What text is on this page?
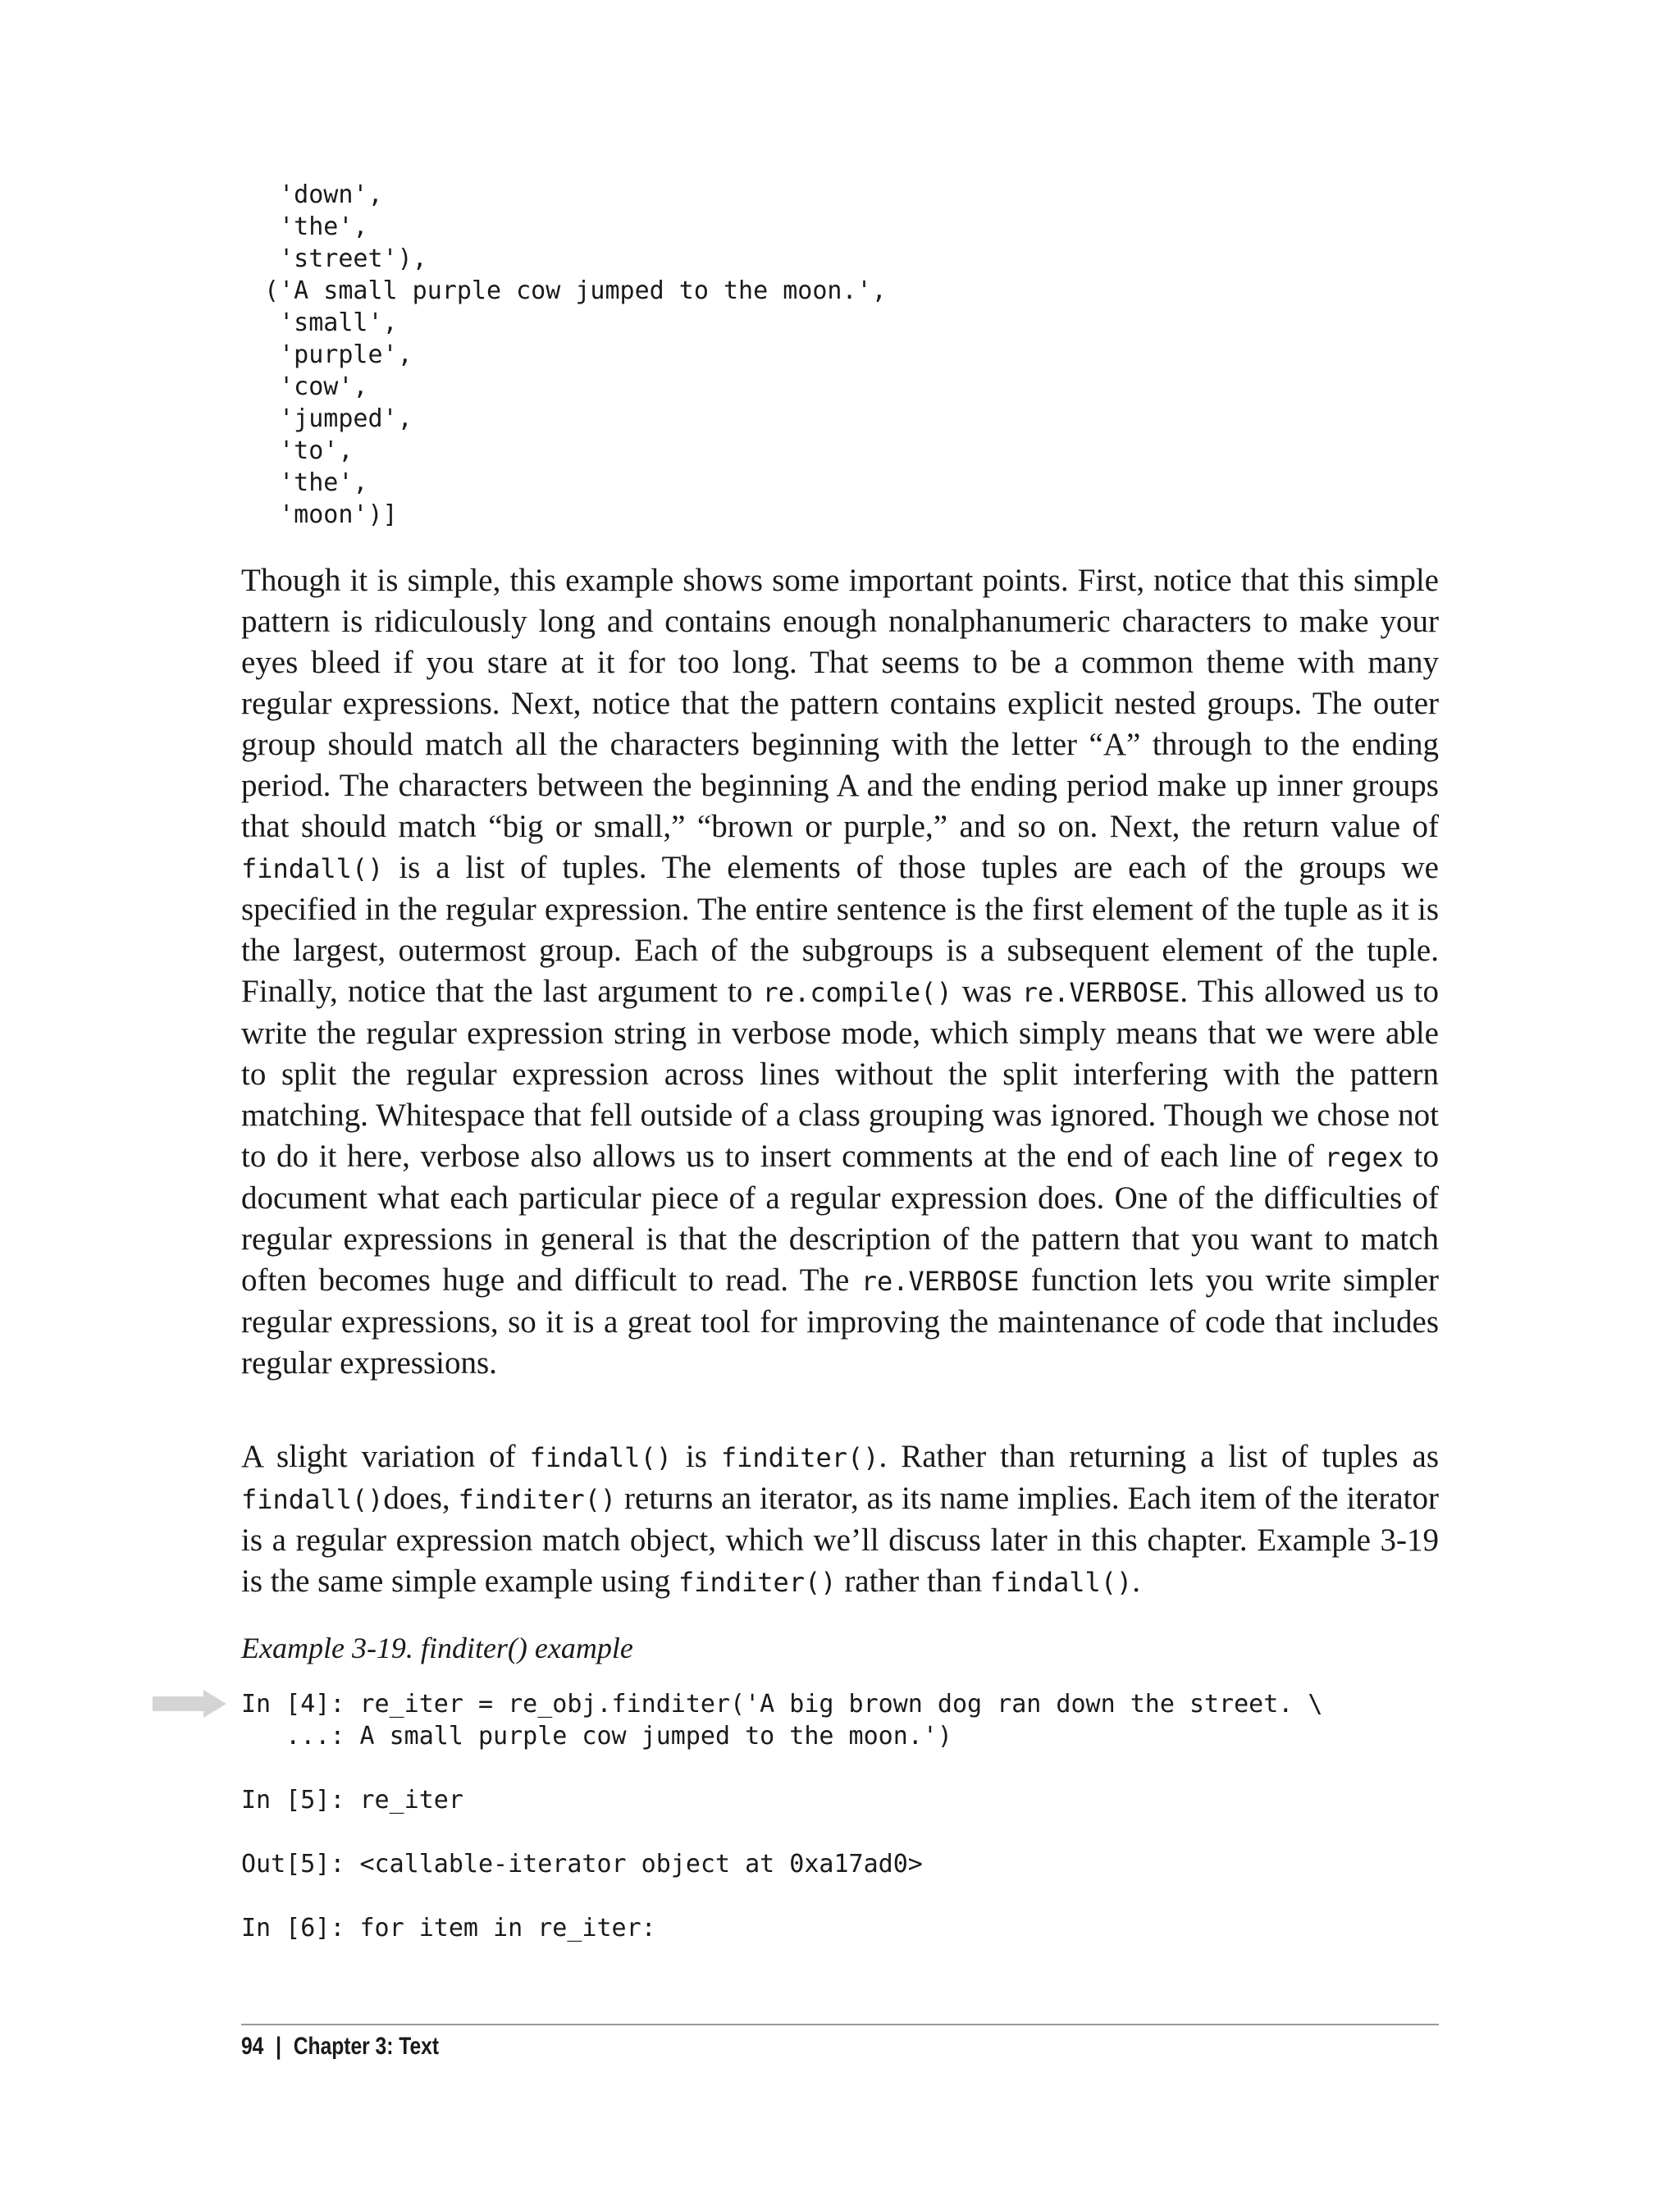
'down',
'the',
'street'),
('A small purple cow jumped to the moon.',
'small',
'purple',
'cow',
'jumped',
'to',
'the',
'moon')]

Though it is simple, this example shows some important points. First, notice that this simple pattern is ridiculously long and contains enough nonalphanumeric characters to make your eyes bleed if you stare at it for too long. That seems to be a common theme with many regular expressions. Next, notice that the pattern contains explicit nested groups. The outer group should match all the characters beginning with the letter “A” through to the ending period. The characters between the beginning A and the ending period make up inner groups that should match “big or small,” “brown or purple,” and so on. Next, the return value of findall() is a list of tuples. The elements of those tuples are each of the groups we specified in the regular expression. The entire sentence is the first element of the tuple as it is the largest, outermost group. Each of the subgroups is a subsequent element of the tuple. Finally, notice that the last argument to re.compile() was re.VERBOSE. This allowed us to write the regular expression string in verbose mode, which simply means that we were able to split the regular expression across lines without the split interfering with the pattern matching. Whitespace that fell outside of a class grouping was ignored. Though we chose not to do it here, verbose also allows us to insert comments at the end of each line of regex to document what each particular piece of a regular expression does. One of the difficulties of regular expressions in general is that the description of the pattern that you want to match often becomes huge and difficult to read. The re.VERBOSE function lets you write simpler regular expressions, so it is a great tool for improving the maintenance of code that includes regular expressions.

A slight variation of findall() is finditer(). Rather than returning a list of tuples as findall()does, finditer() returns an iterator, as its name implies. Each item of the iterator is a regular expression match object, which we’ll discuss later in this chapter. Example 3-19 is the same simple example using finditer() rather than findall().

Example 3-19. finditer() example

In [4]: re_iter = re_obj.finditer('A big brown dog ran down the street. \
...: A small purple cow jumped to the moon.')

In [5]: re_iter

Out[5]: <callable-iterator object at 0xa17ad0>

In [6]: for item in re_iter:
94 | Chapter 3: Text
